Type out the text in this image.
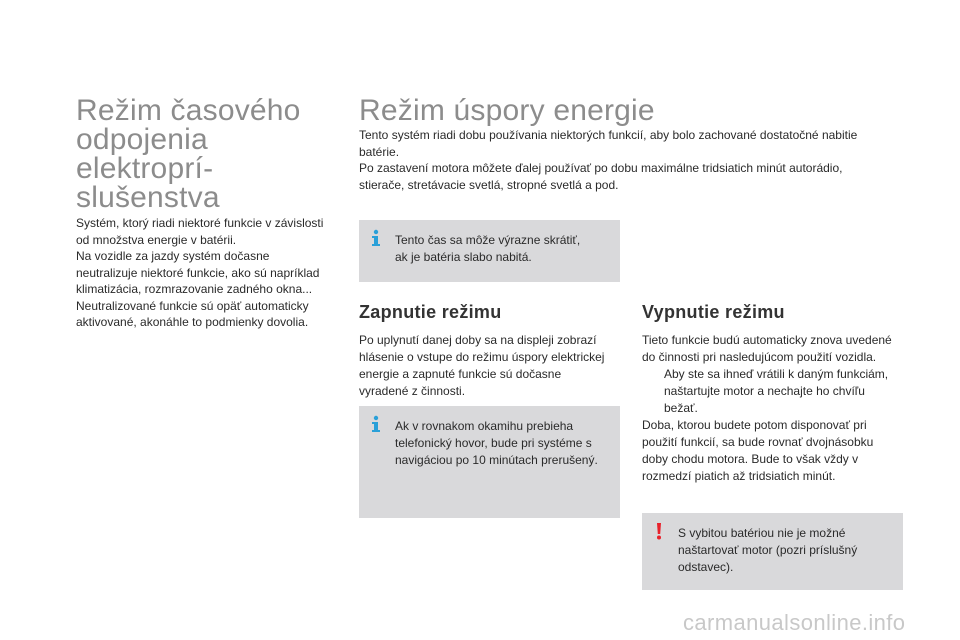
Režim časového
odpojenia
elektropríslušenstva

Systém, ktorý riadi niektoré funkcie v závislosti

od množstva energie v batérii.

Na vozidle za jazdy systém dočasne

neutralizuje niektoré funkcie, ako sú napríklad

klimatizácia, rozmrazovanie zadného okna...

Neutralizované funkcie sú opäť automaticky

aktivované, akonáhle to podmienky dovolia.

Režim úspory energie

Tento systém riadi dobu používania niektorých funkcií, aby bolo zachované dostatočné nabitie

batérie.

Po zastavení motora môžete ďalej používať po dobu maximálne tridsiatich minút autorádio,

stierače, stretávacie svetlá, stropné svetlá a pod.

Tento čas sa môže výrazne skrátiť,

ak je batéria slabo nabitá.

Zapnutie režimu

Po uplynutí danej doby sa na displeji zobrazí

hlásenie o vstupe do režimu úspory elektrickej

energie a zapnuté funkcie sú dočasne

vyradené z činnosti.

Ak v rovnakom okamihu prebieha

telefonický hovor, bude pri systéme s

navigáciou po 10 minútach prerušený.

Vypnutie režimu

Tieto funkcie budú automaticky znova uvedené

do činnosti pri nasledujúcom použití vozidla.

Aby ste sa ihneď vrátili k daným funkciám,

naštartujte motor a nechajte ho chvíľu

bežať.

Doba, ktorou budete potom disponovať pri

použití funkcií, sa bude rovnať dvojnásobku

doby chodu motora. Bude to však vždy v

rozmedzí piatich až tridsiatich minút.

S vybitou batériou nie je možné

naštartovať motor (pozri príslušný

odstavec).

carmanualsonline.info
